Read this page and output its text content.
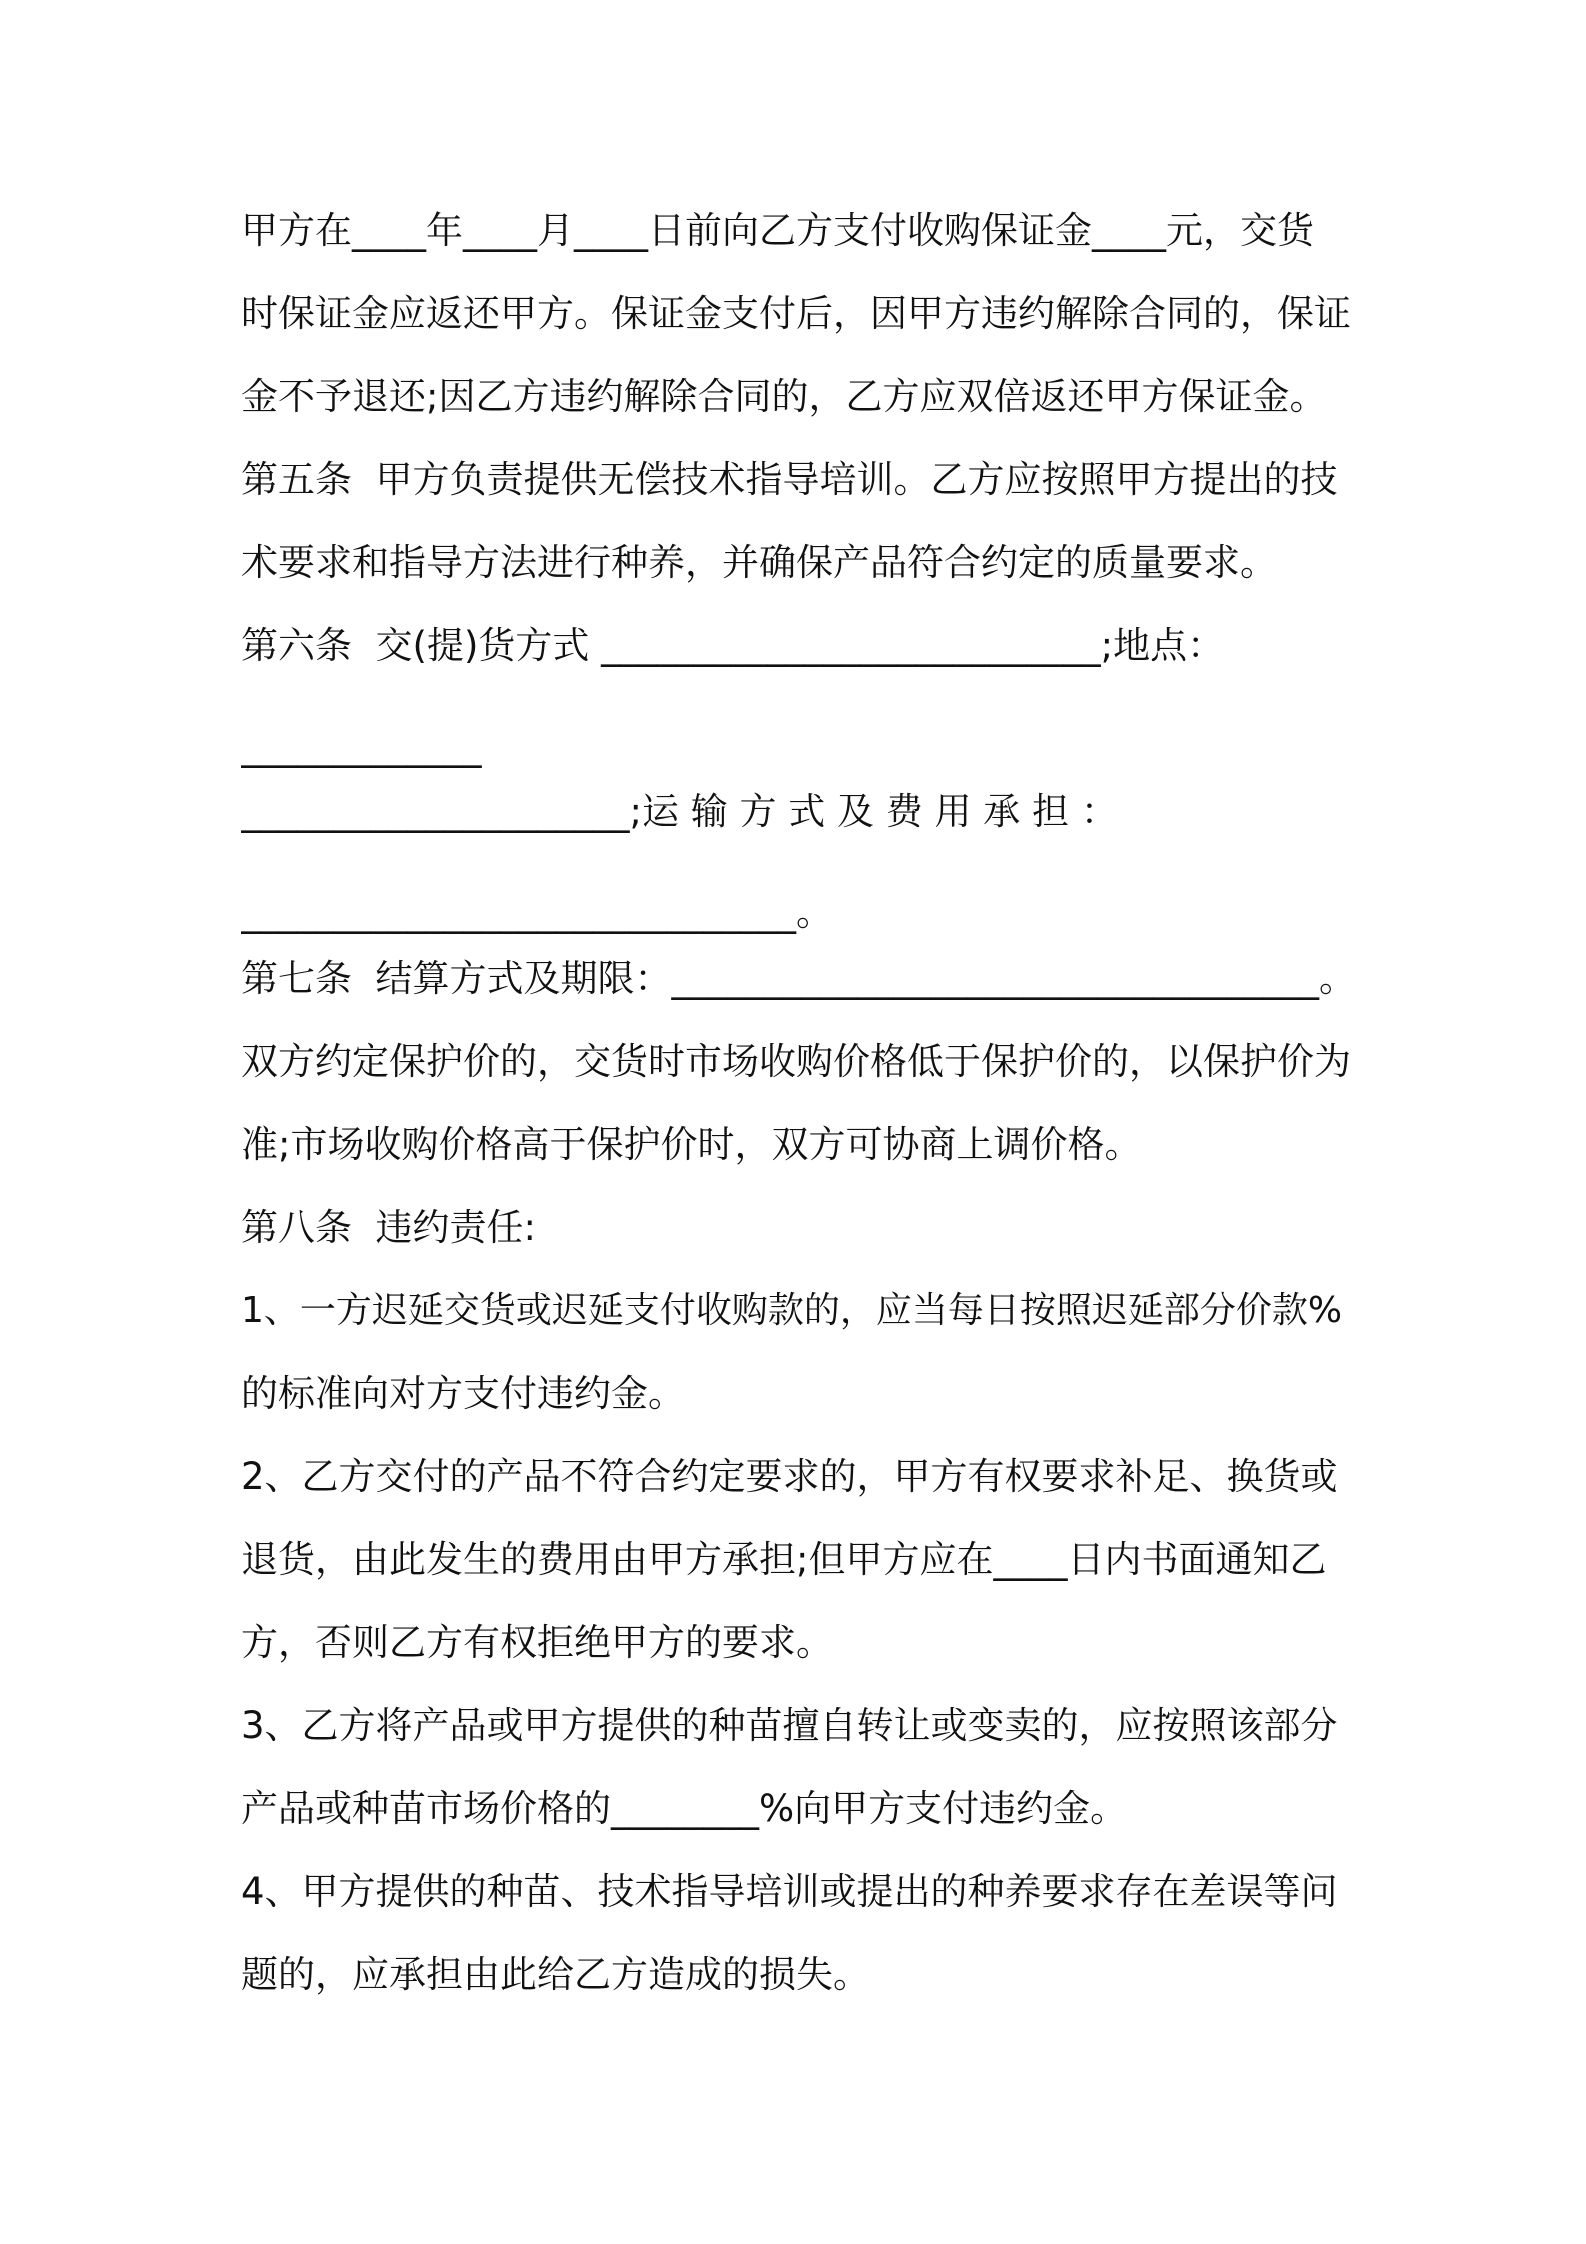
甲方在____年____月____日前向乙方支付收购保证金____元，交货
时保证金应返还甲方。保证金支付后，因甲方违约解除合同的，保证
金不予退还;因乙方违约解除合同的，乙方应双倍返还甲方保证金。
第五条  甲方负责提供无偿技术指导培训。乙方应按照甲方提出的技
术要求和指导方法进行种养，并确保产品符合约定的质量要求。
第六条  交(提)货方式 ___________________________;地点：
_____________
_____________________;运 输 方 式 及 费 用 承 担 ：
______________________________。
第七条  结算方式及期限：___________________________________。
双方约定保护价的，交货时市场收购价格低于保护价的，以保护价为
准;市场收购价格高于保护价时，双方可协商上调价格。
第八条  违约责任:
1、一方迟延交货或迟延支付收购款的，应当每日按照迟延部分价款%
的标准向对方支付违约金。
2、乙方交付的产品不符合约定要求的，甲方有权要求补足、换货或
退货，由此发生的费用由甲方承担;但甲方应在____日内书面通知乙
方，否则乙方有权拒绝甲方的要求。
3、乙方将产品或甲方提供的种苗擅自转让或变卖的，应按照该部分
产品或种苗市场价格的________%向甲方支付违约金。
4、甲方提供的种苗、技术指导培训或提出的种养要求存在差误等问
题的，应承担由此给乙方造成的损失。
